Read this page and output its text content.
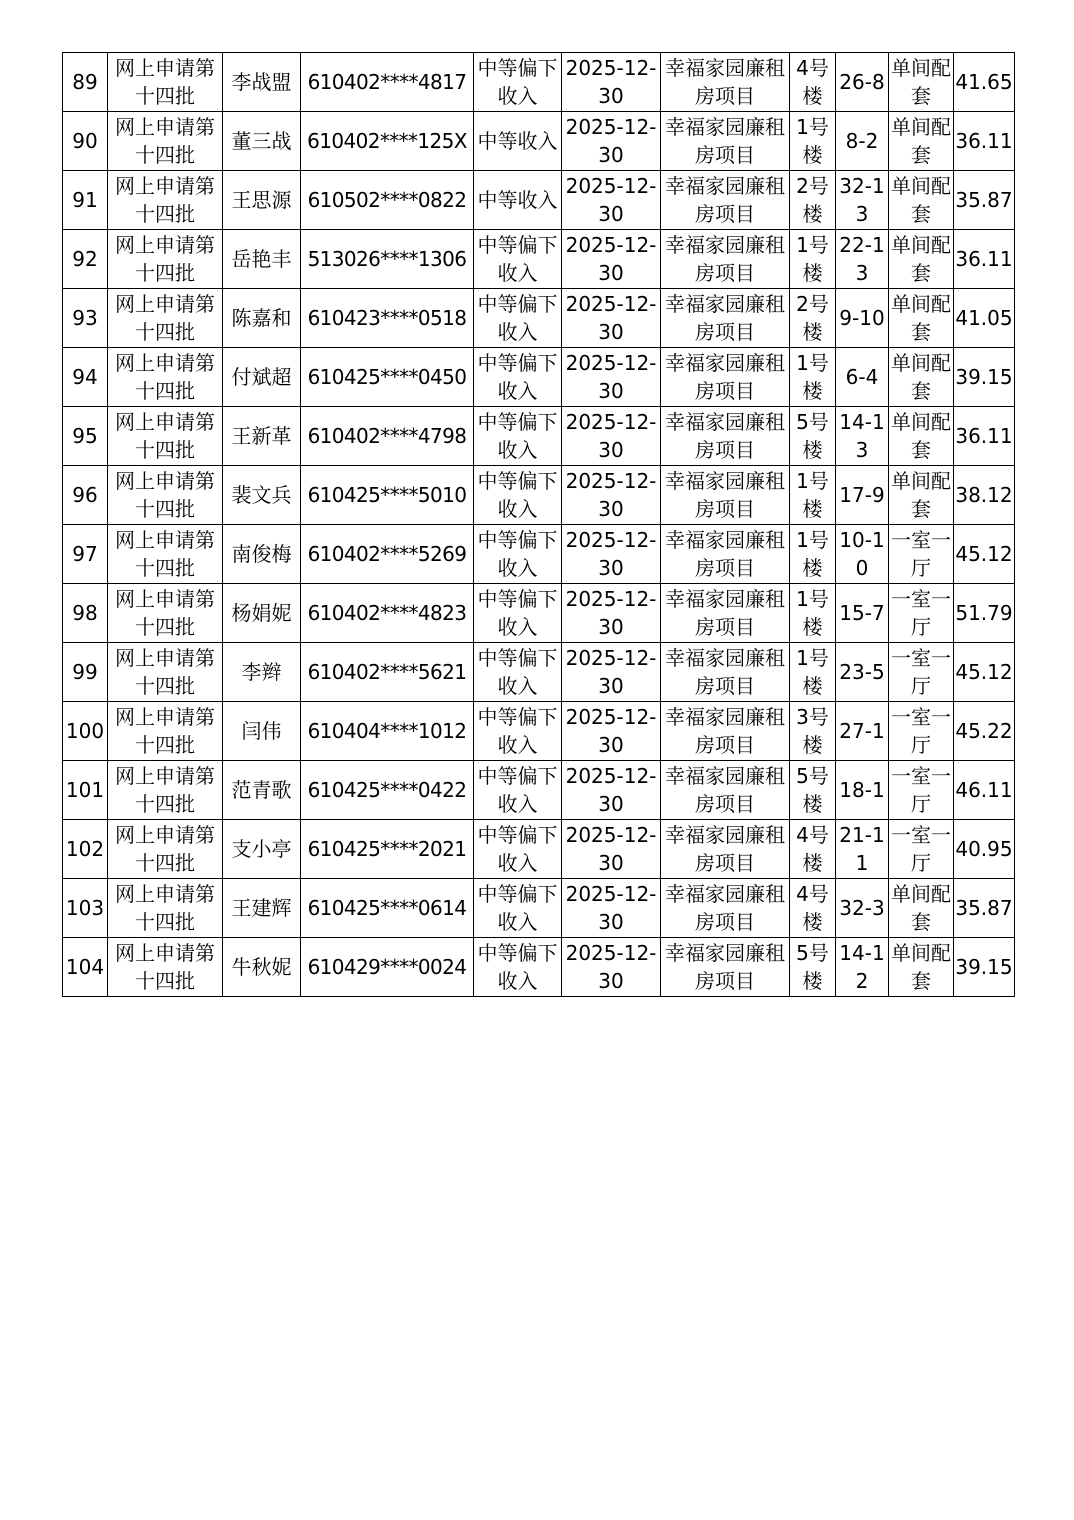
89	网上申请第十四批	李战盟	610402****4817	中等偏下收入	2025-12-30	幸福家园廉租房项目	4号楼	26-8	单间配套	41.65
90	网上申请第十四批	董三战	610402****125X	中等收入	2025-12-30	幸福家园廉租房项目	1号楼	8-2	单间配套	36.11
91	网上申请第十四批	王思源	610502****0822	中等收入	2025-12-30	幸福家园廉租房项目	2号楼	32-13	单间配套	35.87
92	网上申请第十四批	岳艳丰	513026****1306	中等偏下收入	2025-12-30	幸福家园廉租房项目	1号楼	22-13	单间配套	36.11
93	网上申请第十四批	陈嘉和	610423****0518	中等偏下收入	2025-12-30	幸福家园廉租房项目	2号楼	9-10	单间配套	41.05
94	网上申请第十四批	付斌超	610425****0450	中等偏下收入	2025-12-30	幸福家园廉租房项目	1号楼	6-4	单间配套	39.15
95	网上申请第十四批	王新革	610402****4798	中等偏下收入	2025-12-30	幸福家园廉租房项目	5号楼	14-13	单间配套	36.11
96	网上申请第十四批	裴文兵	610425****5010	中等偏下收入	2025-12-30	幸福家园廉租房项目	1号楼	17-9	单间配套	38.12
97	网上申请第十四批	南俊梅	610402****5269	中等偏下收入	2025-12-30	幸福家园廉租房项目	1号楼	10-10	一室一厅	45.12
98	网上申请第十四批	杨娟妮	610402****4823	中等偏下收入	2025-12-30	幸福家园廉租房项目	1号楼	15-7	一室一厅	51.79
99	网上申请第十四批	李辫	610402****5621	中等偏下收入	2025-12-30	幸福家园廉租房项目	1号楼	23-5	一室一厅	45.12
100	网上申请第十四批	闫伟	610404****1012	中等偏下收入	2025-12-30	幸福家园廉租房项目	3号楼	27-1	一室一厅	45.22
101	网上申请第十四批	范青歌	610425****0422	中等偏下收入	2025-12-30	幸福家园廉租房项目	5号楼	18-1	一室一厅	46.11
102	网上申请第十四批	支小亭	610425****2021	中等偏下收入	2025-12-30	幸福家园廉租房项目	4号楼	21-11	一室一厅	40.95
103	网上申请第十四批	王建辉	610425****0614	中等偏下收入	2025-12-30	幸福家园廉租房项目	4号楼	32-3	单间配套	35.87
104	网上申请第十四批	牛秋妮	610429****0024	中等偏下收入	2025-12-30	幸福家园廉租房项目	5号楼	14-12	单间配套	39.15
